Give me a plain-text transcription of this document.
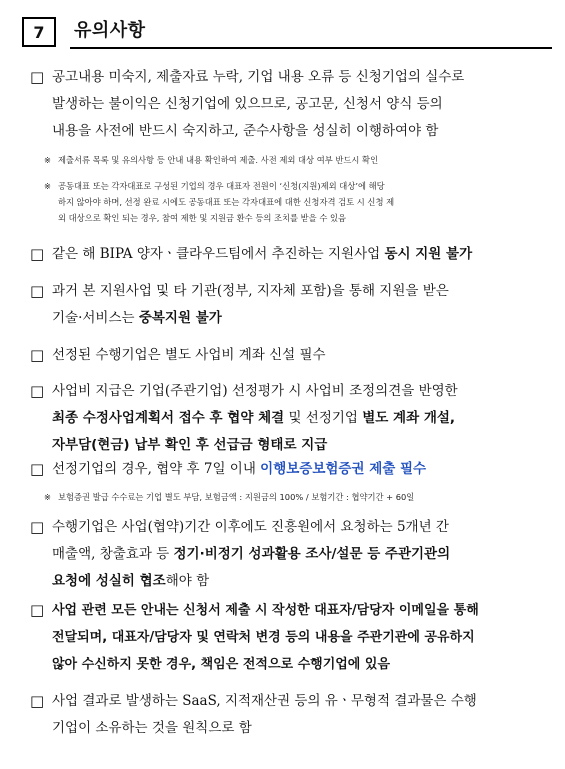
7	유의사항
□ 공고내용 미숙지, 제출자료 누락, 기업 내용 오류 등 신청기업의 실수로
발생하는 불이익은 신청기업에 있으므로, 공고문, 신청서 양식 등의
내용을 사전에 반드시 숙지하고, 준수사항을 성실히 이행하여야 함
※ 제출서류 목록 및 유의사항 등 안내 내용 확인하여 제출. 사전 제외 대상 여부 반드시 확인
※ 공동대표 또는 각자대표로 구성된 기업의 경우 대표자 전원이 ‘신청(지원)제외 대상’에 해당
하지 않아야 하며, 선정 완료 시에도 공동대표 또는 각자대표에 대한 신청자격 검토 시 신청 제
외 대상으로 확인 되는 경우, 참여 제한 및 지원금 환수 등의 조치를 받을 수 있음
□ 같은 해 BIPA 양자ㆍ클라우드팀에서 추진하는 지원사업 동시 지원 불가
□ 과거 본 지원사업 및 타 기관(정부, 지자체 포함)을 통해 지원을 받은
기술·서비스는 중복지원 불가
□ 선정된 수행기업은 별도 사업비 계좌 신설 필수
□ 사업비 지급은 기업(주관기업) 선정평가 시 사업비 조정의견을 반영한
최종 수정사업계획서 접수 후 협약 체결 및 선정기업 별도 계좌 개설,
자부담(현금) 납부 확인 후 선급금 형태로 지급
□ 선정기업의 경우, 협약 후 7일 이내 이행보증보험증권 제출 필수
※ 보험증권 발급 수수료는 기업 별도 부담, 보험금액 : 지원금의 100% / 보험기간 : 협약기간 + 60일
□ 수행기업은 사업(협약)기간 이후에도 진흥원에서 요청하는 5개년 간
매출액, 창출효과 등 정기·비정기 성과활용 조사/설문 등 주관기관의
요청에 성실히 협조해야 함
□ 사업 관련 모든 안내는 신청서 제출 시 작성한 대표자/담당자 이메일을 통해
전달되며, 대표자/담당자 및 연락처 변경 등의 내용을 주관기관에 공유하지
않아 수신하지 못한 경우, 책임은 전적으로 수행기업에 있음
□ 사업 결과로 발생하는 SaaS, 지적재산권 등의 유ㆍ무형적 결과물은 수행
기업이 소유하는 것을 원칙으로 함
